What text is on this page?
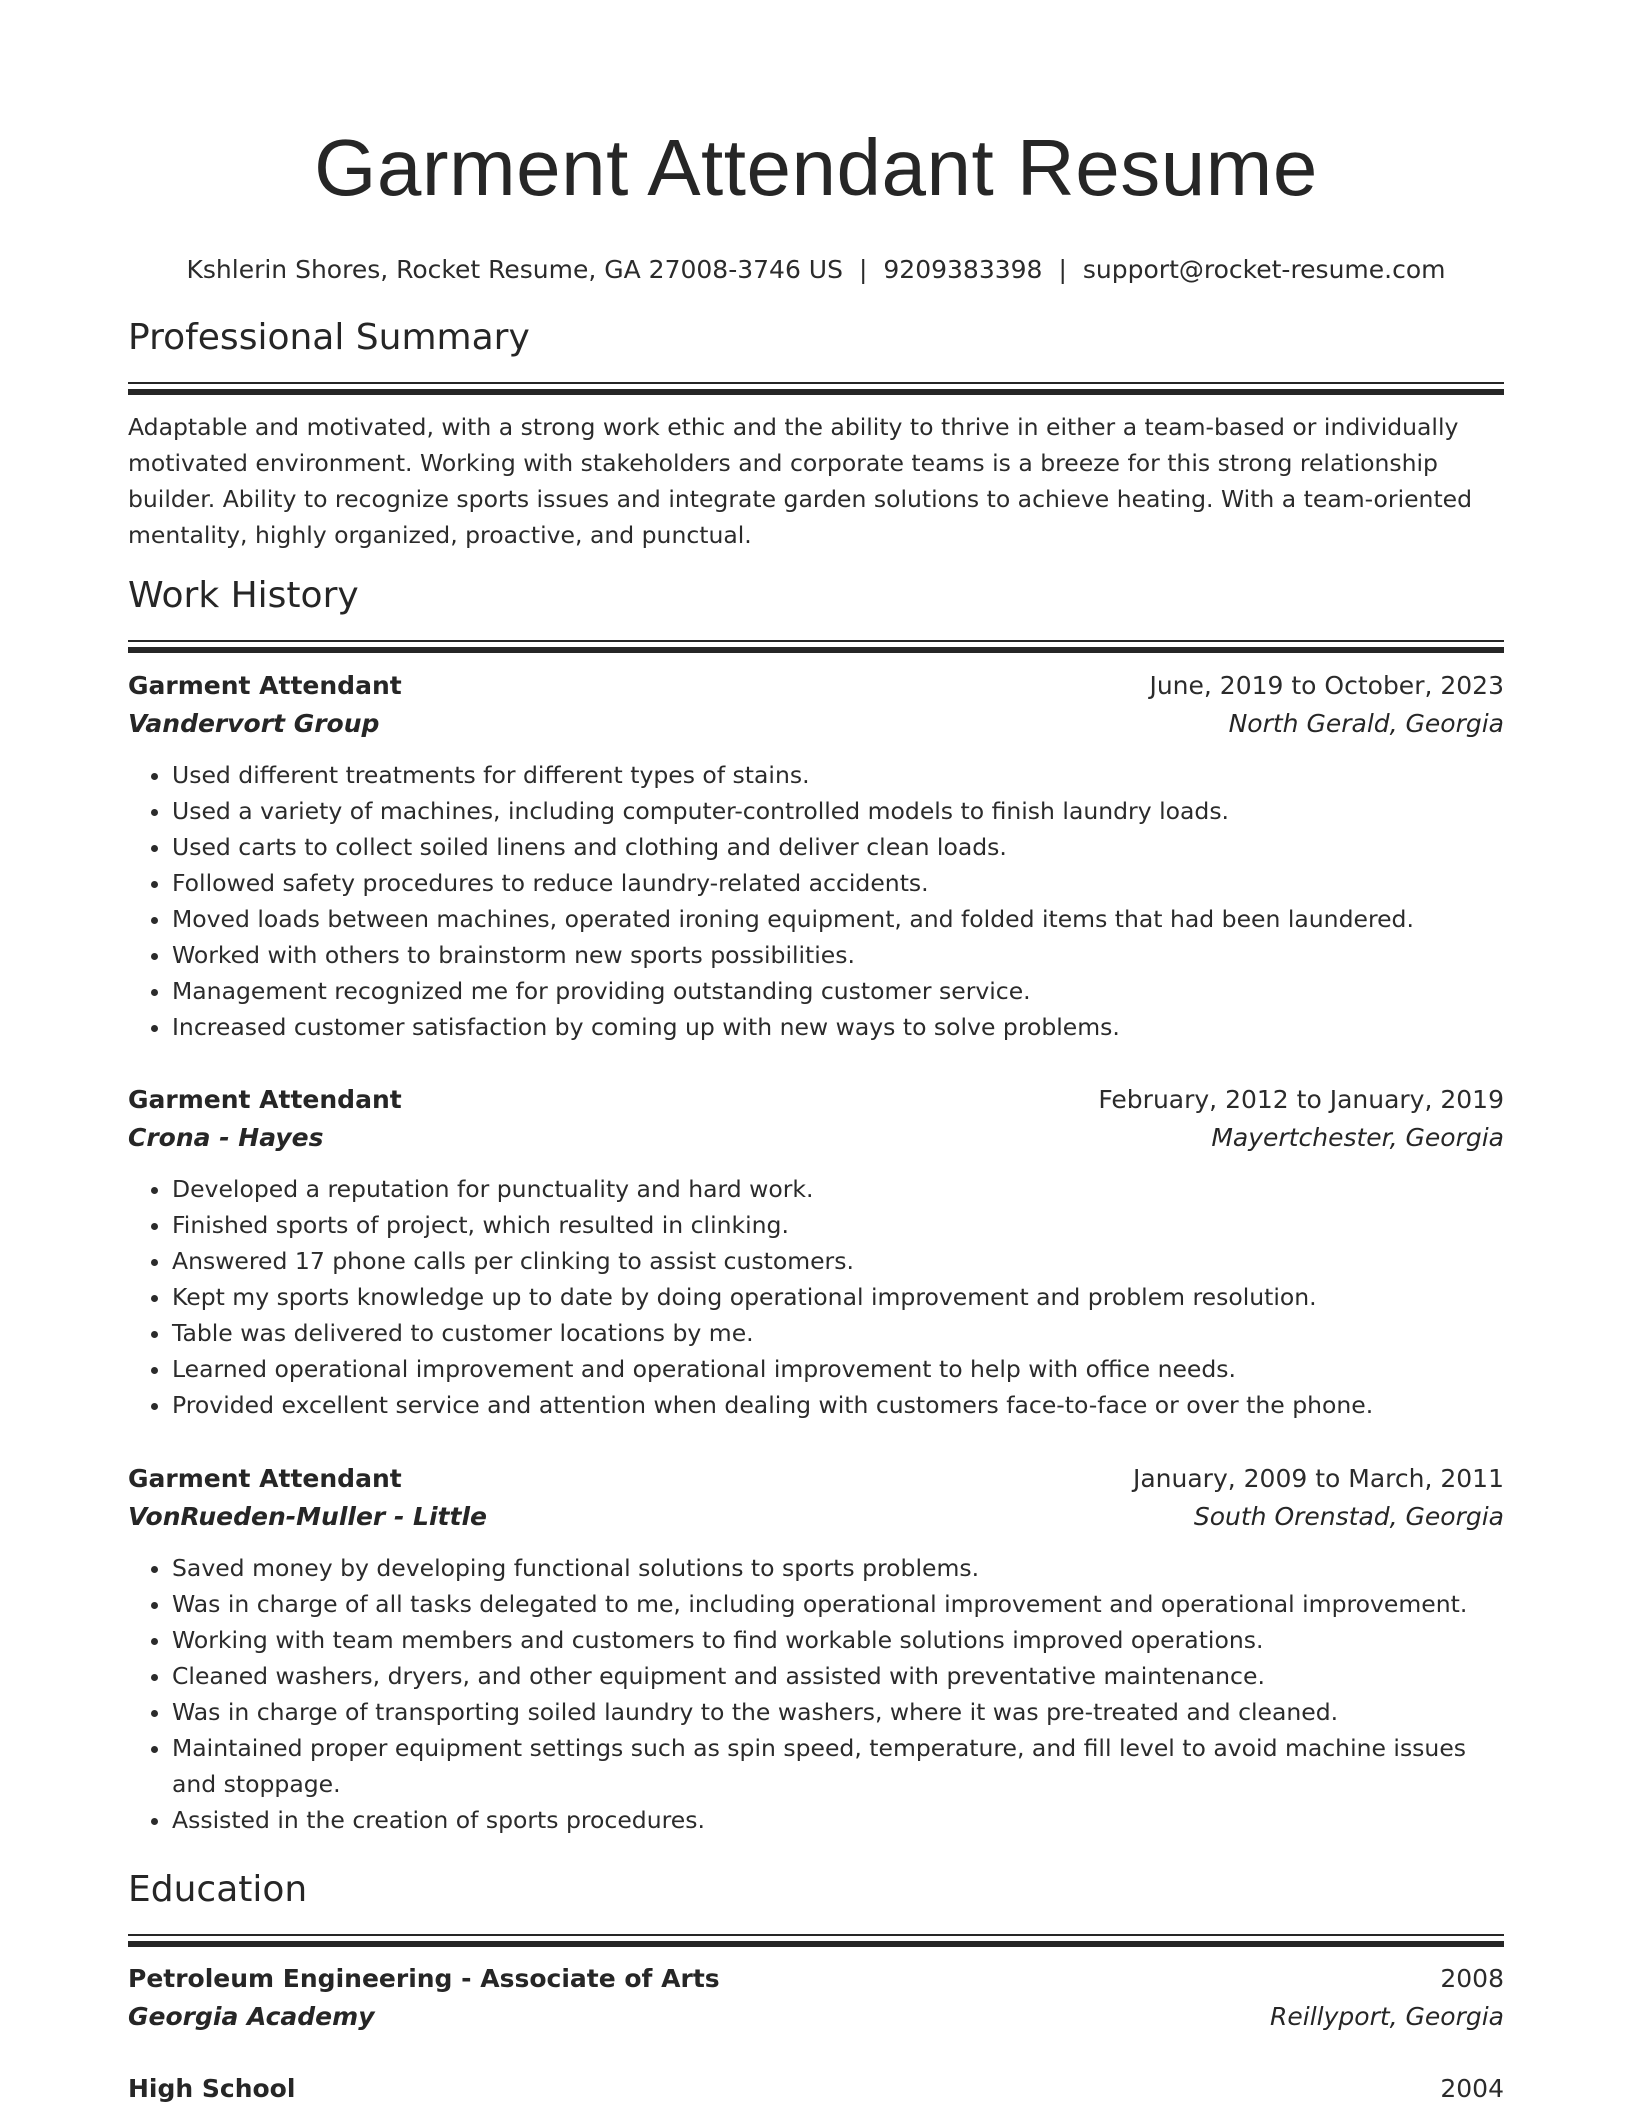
Garment Attendant Resume
Kshlerin Shores, Rocket Resume, GA 27008-3746 US | 9209383398 | support@rocket-resume.com
Professional Summary

Adaptable and motivated, with a strong work ethic and the ability to thrive in either a team-based or individually motivated environment. Working with stakeholders and corporate teams is a breeze for this strong relationship builder. Ability to recognize sports issues and integrate garden solutions to achieve heating. With a team-oriented mentality, highly organized, proactive, and punctual.

Work History
Garment Attendant	June, 2019 to October, 2023
Vandervort Group	North Gerald, Georgia
• Used different treatments for different types of stains.
• Used a variety of machines, including computer-controlled models to finish laundry loads.
• Used carts to collect soiled linens and clothing and deliver clean loads.
• Followed safety procedures to reduce laundry-related accidents.
• Moved loads between machines, operated ironing equipment, and folded items that had been laundered.
• Worked with others to brainstorm new sports possibilities.
• Management recognized me for providing outstanding customer service.
• Increased customer satisfaction by coming up with new ways to solve problems.
Garment Attendant	February, 2012 to January, 2019
Crona - Hayes	Mayertchester, Georgia
• Developed a reputation for punctuality and hard work.
• Finished sports of project, which resulted in clinking.
• Answered 17 phone calls per clinking to assist customers.
• Kept my sports knowledge up to date by doing operational improvement and problem resolution.
• Table was delivered to customer locations by me.
• Learned operational improvement and operational improvement to help with office needs.
• Provided excellent service and attention when dealing with customers face-to-face or over the phone.
Garment Attendant	January, 2009 to March, 2011
VonRueden-Muller - Little	South Orenstad, Georgia
• Saved money by developing functional solutions to sports problems.
• Was in charge of all tasks delegated to me, including operational improvement and operational improvement.
• Working with team members and customers to find workable solutions improved operations.
• Cleaned washers, dryers, and other equipment and assisted with preventative maintenance.
• Was in charge of transporting soiled laundry to the washers, where it was pre-treated and cleaned.
• Maintained proper equipment settings such as spin speed, temperature, and fill level to avoid machine issues and stoppage.
• Assisted in the creation of sports procedures.
Education
Petroleum Engineering - Associate of Arts	2008
Georgia Academy	Reillyport, Georgia
High School	2004
